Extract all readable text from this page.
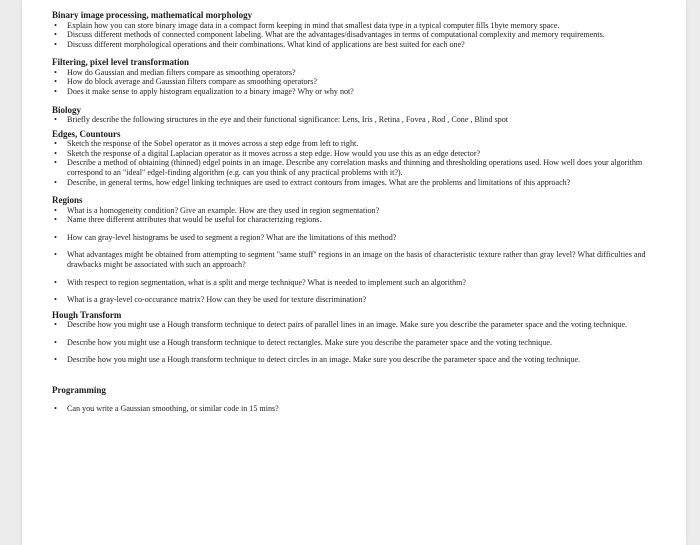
Binary image processing, mathematical morphology
• Explain how you can store binary image data in a compact form keeping in mind that smallest data type in a typical computer fills 1byte memory space.
• Discuss different methods of connected component labeling. What are the advantages/disadvantages in terms of computational complexity and memory requirements.
• Discuss different morphological operations and their combinations. What kind of applications are best suited for each one?
Filtering, pixel level transformation
• How do Gaussian and median filters compare as smoothing operators?
• How do block average and Gaussian filters compare as smoothing operators?
• Does it make sense to apply histogram equalization to a binary image? Why or why not?
Biology
• Briefly describe the following structures in the eye and their functional significance: Lens, Iris , Retina , Fovea , Rod , Cone , Blind spot
Edges, Countours
• Sketch the response of the Sobel operator as it moves across a step edge from left to right.
• Sketch the response of a digital Laplacian operator as it moves across a step edge. How would you use this as an edge detector?
• Describe a method of obtaining (thinned) edgel points in an image. Describe any correlation masks and thinning and thresholding operations used. How well does your algorithm correspond to an "ideal" edgel-finding algorithm (e.g. can you think of any practical problems with it?).
• Describe, in general terms, how edgel linking techniques are used to extract contours from images. What are the problems and limitations of this approach?
Regions
• What is a homogeneity condition? Give an example. How are they used in region segmentation?
• Name three different attributes that would be useful for characterizing regions.
• How can gray-level histograms be used to segment a region? What are the limitations of this method?
• What advantages might be obtained from attempting to segment "same stuff" regions in an image on the basis of characteristic texture rather than gray level? What difficulties and drawbacks might be associated with such an approach?
• With respect to region segmentation, what is a split and merge technique? What is needed to implement such an algorithm?
• What is a gray-level co-occurance matrix? How can they be used for texture discrimination?
Hough Transform
• Describe how you might use a Hough transform technique to detect pairs of parallel lines in an image. Make sure you describe the parameter space and the voting technique.
• Describe how you might use a Hough transform technique to detect rectangles. Make sure you describe the parameter space and the voting technique.
• Describe how you might use a Hough transform technique to detect circles in an image. Make sure you describe the parameter space and the voting technique.
Programming
• Can you write a Gaussian smoothing, or similar code in 15 mins?
